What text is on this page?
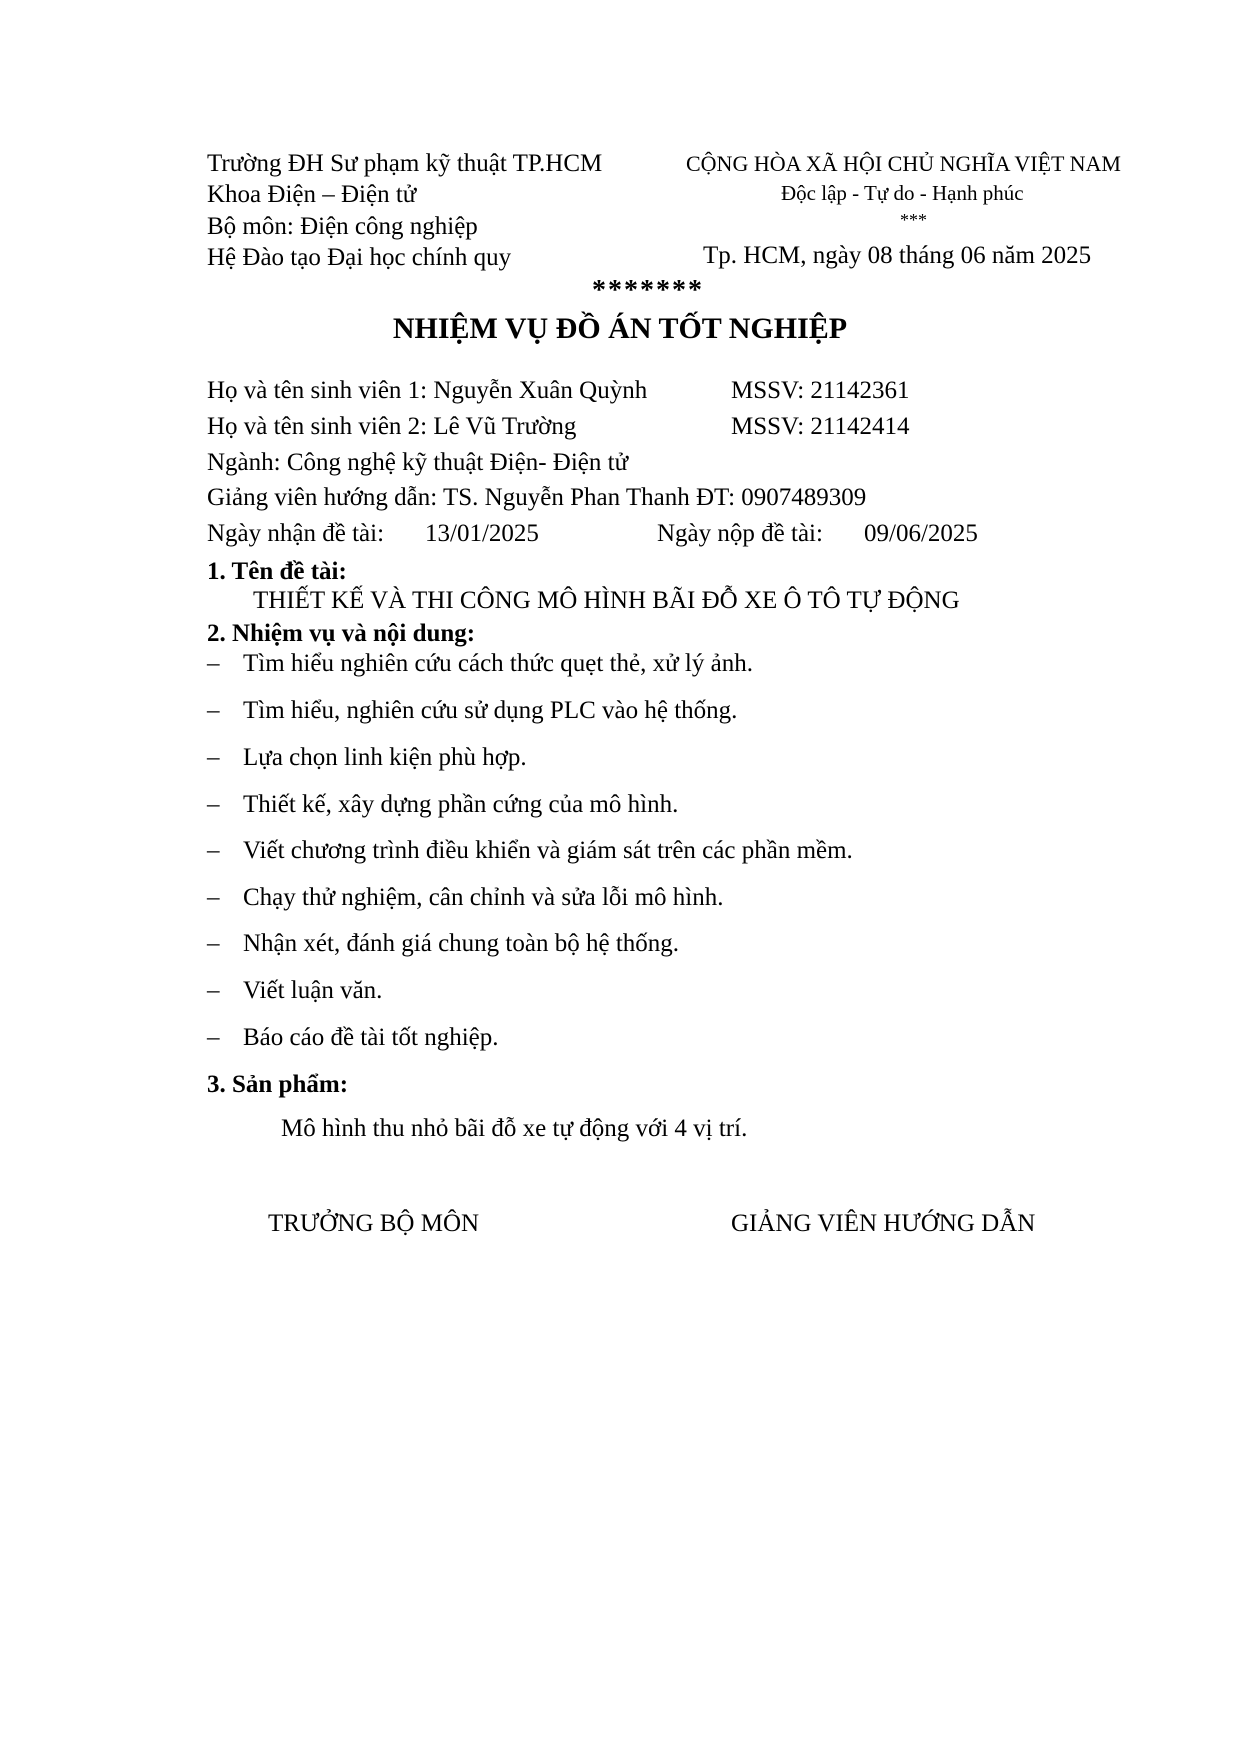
Trường ĐH Sư phạm kỹ thuật TP.HCM
Khoa Điện – Điện tử
Bộ môn: Điện công nghiệp
Hệ Đào tạo Đại học chính quy
CỘNG HÒA XÃ HỘI CHỦ NGHĨA VIỆT NAM
Độc lập - Tự do - Hạnh phúc
***
Tp. HCM, ngày 08 tháng 06 năm 2025
*******
NHIỆM VỤ ĐỒ ÁN TỐT NGHIỆP
Họ và tên sinh viên 1: Nguyễn Xuân Quỳnh	MSSV: 21142361
Họ và tên sinh viên 2: Lê Vũ Trường	MSSV: 21142414
Ngành: Công nghệ kỹ thuật Điện- Điện tử
Giảng viên hướng dẫn: TS. Nguyễn Phan Thanh ĐT: 0907489309
Ngày nhận đề tài: 13/01/2025	Ngày nộp đề tài: 09/06/2025
1. Tên đề tài:
THIẾT KẾ VÀ THI CÔNG MÔ HÌNH BÃI ĐỖ XE Ô TÔ TỰ ĐỘNG
2. Nhiệm vụ và nội dung:
– Tìm hiểu nghiên cứu cách thức quẹt thẻ, xử lý ảnh.
– Tìm hiểu, nghiên cứu sử dụng PLC vào hệ thống.
– Lựa chọn linh kiện phù hợp.
– Thiết kế, xây dựng phần cứng của mô hình.
– Viết chương trình điều khiển và giám sát trên các phần mềm.
– Chạy thử nghiệm, cân chỉnh và sửa lỗi mô hình.
– Nhận xét, đánh giá chung toàn bộ hệ thống.
– Viết luận văn.
– Báo cáo đề tài tốt nghiệp.
3. Sản phẩm:
Mô hình thu nhỏ bãi đỗ xe tự động với 4 vị trí.
TRƯỞNG BỘ MÔN	GIẢNG VIÊN HƯỚNG DẪN
